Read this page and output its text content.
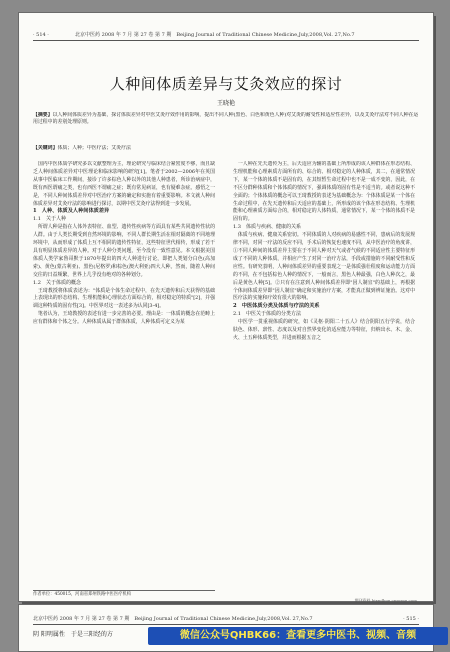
· 514 ·	北京中医药 2008 年 7 月 第 27 卷 第 7 期　Beijing Journal of Traditional Chinese Medicine,July,2008,Vol. 27,No.7
人种间体质差异与艾灸效应的探讨
王晓艳
【摘要】以人种间体质差异为基础，探讨体质差异对中医艾灸疗效作用的影响，提出不同人种(黑色、白色和黄色人种)对艾灸的耐受性和适应性差异，以及艾灸疗法对不同人种在运用过程中的差别处理原则。
【关键词】体质；人种；中医疗法；艾灸疗法

国内中医体质学研究多以文献整理为主，理论研究与临床结合紧密度不够，而且缺乏人种间体质差异对中医理论和临床影响的研究[1]。笔者于2002—2006年在英国从事中医临床工作期间，接诊了许多棕色人种以外的其他人种患者，所诊治病症中，既有西医谓痛之类，也有西医不谓痛之症；既有常见病证，也有疑难杂症。感悟之一是，不同人种间体质差异对中医治疗方案的确定和实施有着重要影响。本文就人种间体质差异对艾灸疗法的影响进行探讨，以期中医艾灸疗法得到进一步发展。

1　人种、体质及人种间体质差异
1.1　关于人种

所谓人种是指在人体外表特征、血型、遗传性疾病等方面具有某些共同遗传性状的人群。由于人类长期受到自然环境的影响，不同人群长期生活在相对隔离的不同地理环境中，从而形成了体质上互不相同的遗传性特征，这些特征世代相传，形成了若干具有明显体质差异的人种。对于人种分类问题，至今没有一致性意见。本文根据美国体质人类学家鲁哥默于1870年提出的四大人种进行讨论，即把人类划分白色(高加索)、黄色(蒙古利亚)、黑色(尼格罗)和棕色(澳大利亚)四大人种。然而，随着人种间交往的日益频繁，世界上几乎没有绝对的各种划分。

1.2　关于体质的概念

王琦教授将体质表述为："体质是个体生命过程中，在先天遗传和后天获得的基础上表现出的形态结构、生理机能和心理状态方面综合的，相对稳定的特质"[2]，并强调这种特质的固有性[3]。中医界对这一表述多为认同[3-4]。

笔者认为，王琦教授的表述有进一步完善的必要。理由是：一体质的概念在范畴上应有群体和个体之分。人种体质从属于群体体质，人种体质可定义为某

一人种在先天遗传为主，后天适应为辅的基础上所形成的该人种群体在形态结构、生理机能和心理素质方面所有的、综合的、相对稳定的人种体质，其二，在通常情况下，某一个体的体质不是固有的，在其短暂生命过程中也不是一成不变的，因此，在不区分群种体质和个体体质的情况下，强调体质的固有性是不适当的。或者说这种不全面的；个体体质的概念可以王琦教授的表述为基础概念为：个体体质是某一个体在生命过程中，在先天遗传和后天适应的基础上，所形成的该个体在形态结构、生理机能和心理素质方面综合的，相对稳定的人体特质，通常情况下，某一个体的体质不是固有的。

1.3　体质与疾病、健康的关系

体质与疾病、健康关系密切。不同体质的人对疾病的易感性不同，患病后的发展规律不同，对同一疗法的反应不同，手术后的恢复也速度不同，从中医治疗的角度讲，①不同人种间的体质差异主要在于不同人种对天气或者气候的不同适应性主要特征形成了不同的人种体质，并相应产生了对同一治疗方法，手段或措施的不同耐受性和反应性。有研究表明，人种间体质差异的重要表现之一是体质强壮程度和运动能力方面的不同，在不包括棕色人种的情况下，一般而言，黑色人种最强，白色人种次之，最后是黄色人种[5]。②只有在注意到人种间体质差异即"因人制宜"的基础上，再根据个体间体质差异即"因人制宜"确定和实施治疗方案，才能真正做到辨证施治。这对中医疗法的实施和疗效有很大的影响。

2　中医体质分类及体质与疗法的关系
2.1　中医关于体质的分类方法

中医学一贯重视体质的研究，如《灵枢·阴阳二十五人》结合阴阳五行学说，结合肤色、体形、禀性、态度以及对自然界变化的适应能力等特征，归纳出水、木、金、火、土五种体质类型，并进而根据五音之

作者单位：450015，河南省郑州铁路中医医疗机构
期刊资料 bjxpdboe.cnpcme.com
北京中医药 2008 年 7 月 第 27 卷 第 7 期　Beijing Journal of Traditional Chinese Medicine,July,2008,Vol. 27,No.7	· 515 ·
阴 阳明属性　于是三阳经的方	微信公众号QHBK66：查看更多中医书、视频、音频
